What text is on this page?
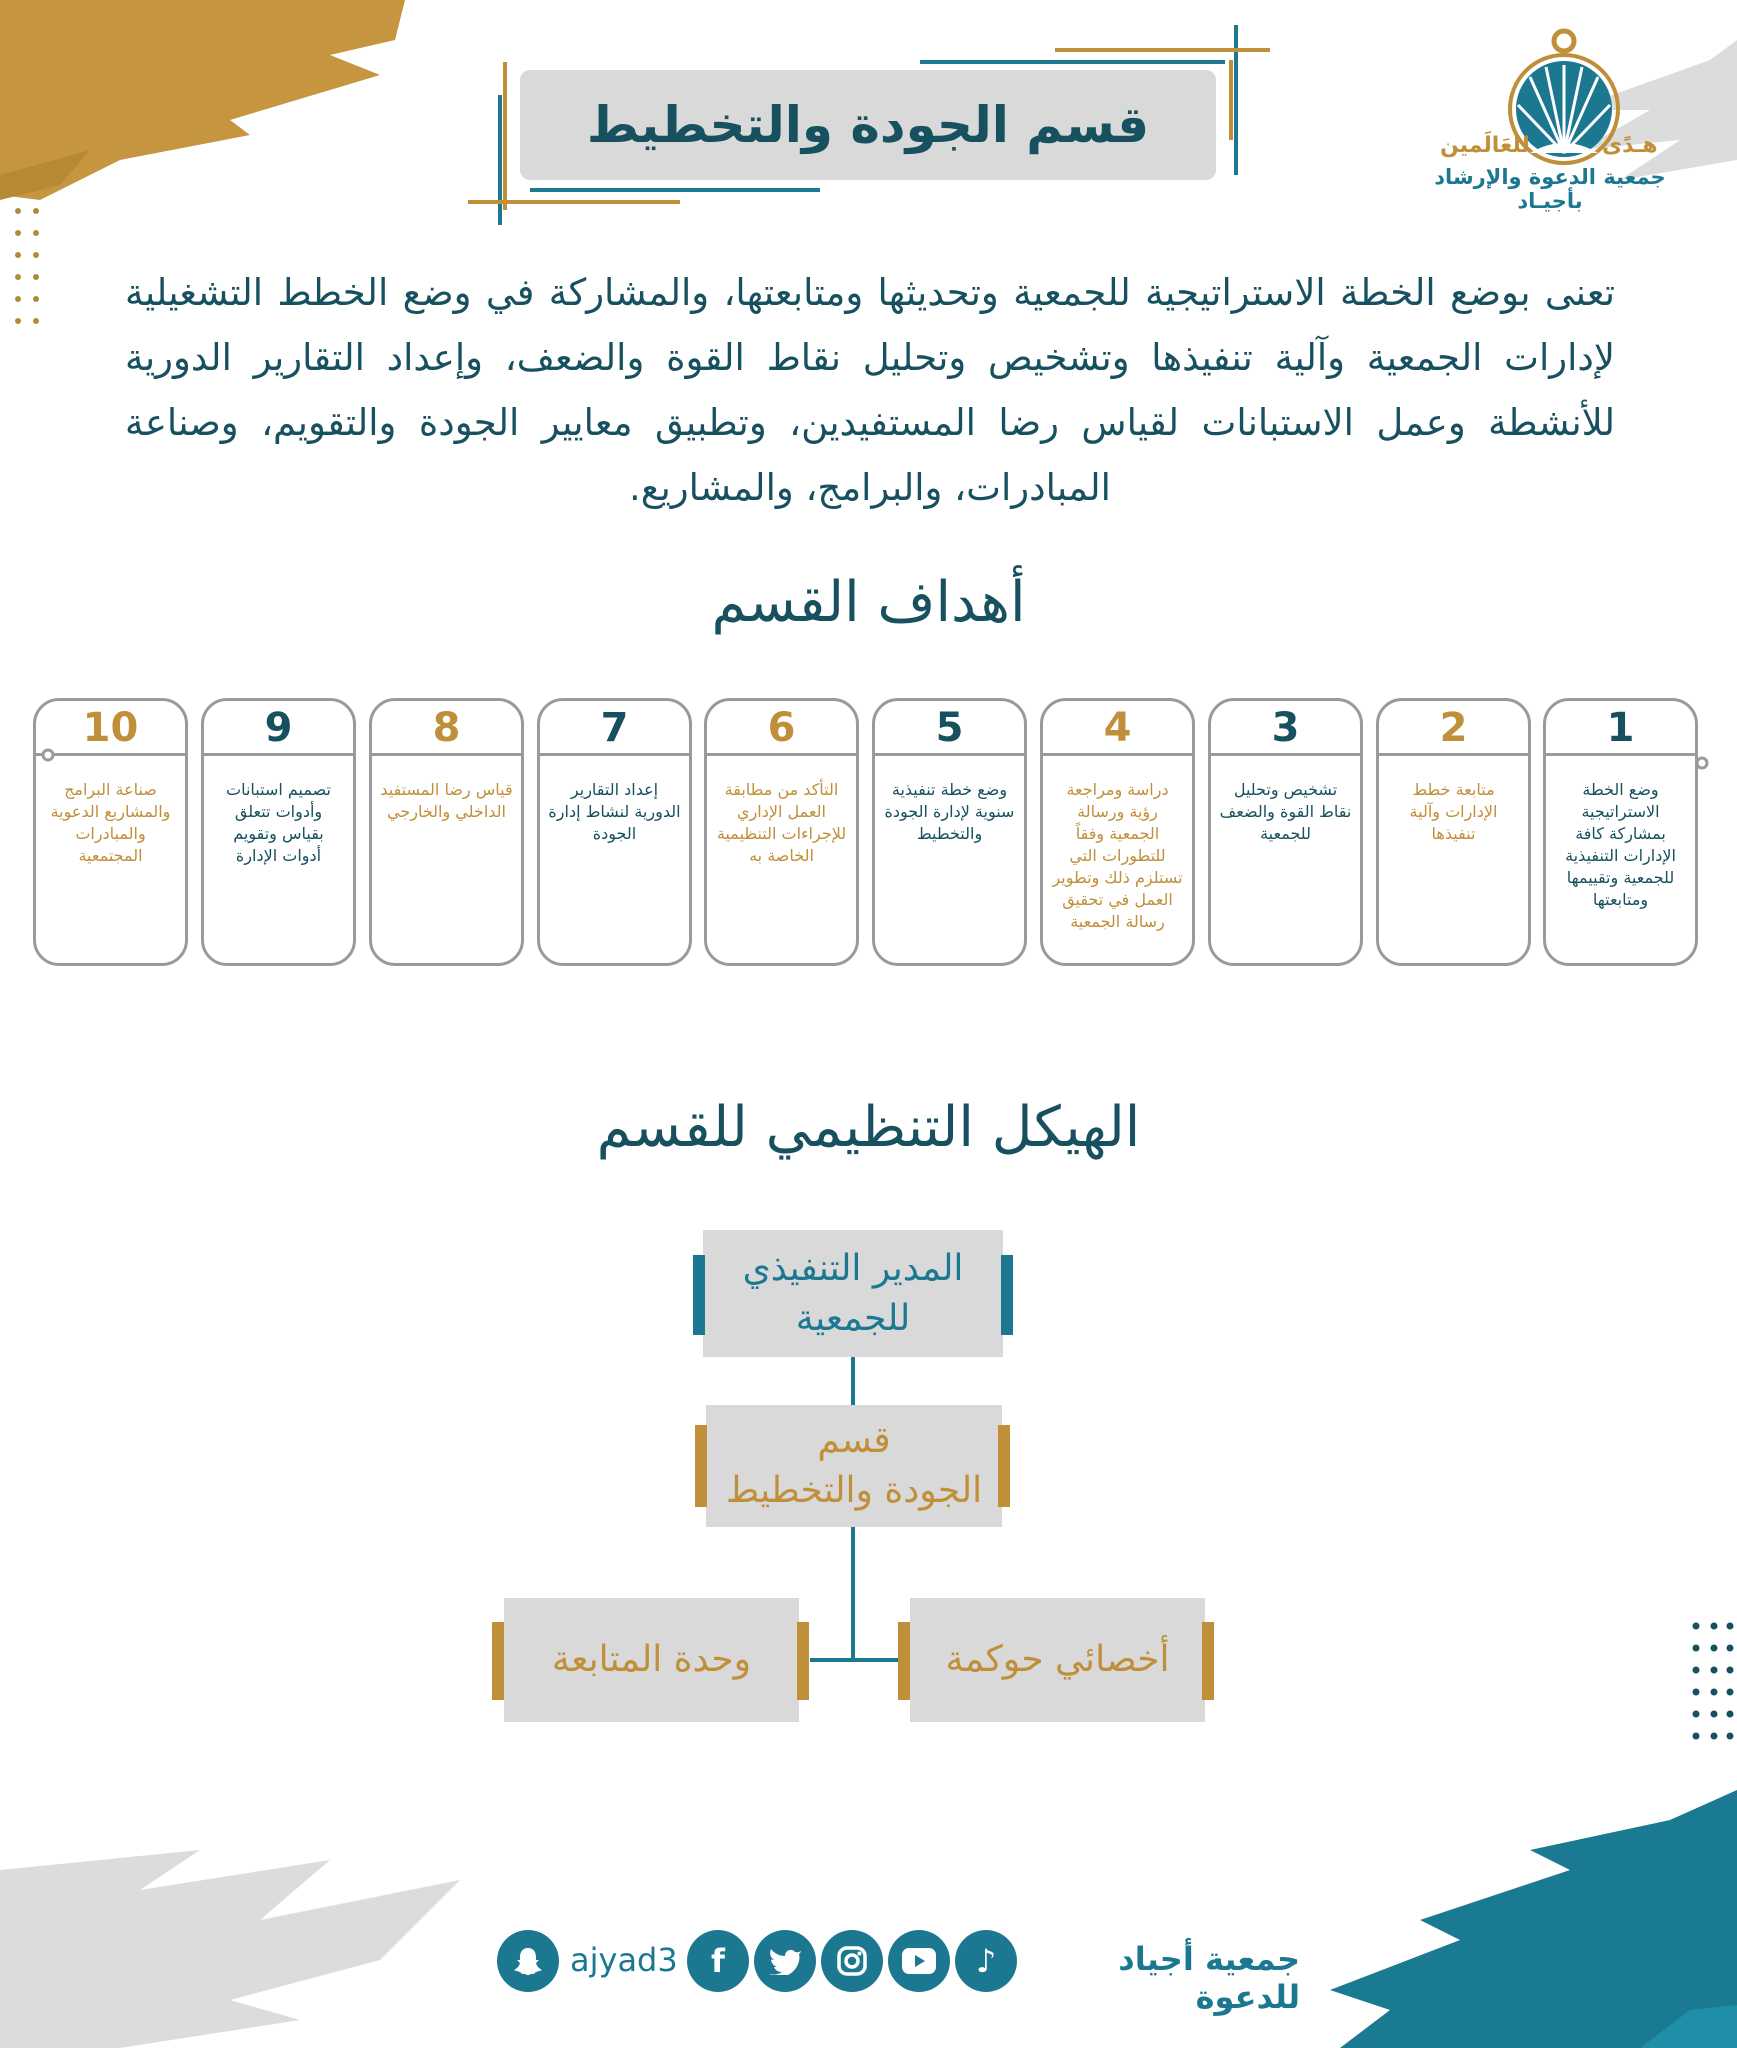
قسم الجودة والتخطيط	هـدًى
للعَالَمين
جمعية الدعوة والإرشاد بأجيـاد
تعنى بوضع الخطة الاستراتيجية للجمعية وتحديثها ومتابعتها، والمشاركة في وضع الخطط التشغيلية لإدارات الجمعية وآلية تنفيذها وتشخيص وتحليل نقاط القوة والضعف، وإعداد التقارير الدورية للأنشطة وعمل الاستبانات لقياس رضا المستفيدين، وتطبيق معايير الجودة والتقويم، وصناعة المبادرات، والبرامج، والمشاريع.
أهداف القسم
1
وضع الخطة الاستراتيجية بمشاركة كافة الإدارات التنفيذية للجمعية وتقييمها ومتابعتها
2
متابعة خطط الإدارات وآلية تنفيذها
3
تشخيص وتحليل نقاط القوة والضعف للجمعية
4
دراسة ومراجعة رؤية ورسالة الجمعية وفقاً للتطورات التي تستلزم ذلك وتطوير العمل في تحقيق رسالة الجمعية
5
وضع خطة تنفيذية سنوية لإدارة الجودة والتخطيط
6
التأكد من مطابقة العمل الإداري للإجراءات التنظيمية الخاصة به
7
إعداد التقارير الدورية لنشاط إدارة الجودة
8
قياس رضا المستفيد الداخلي والخارجي
9
تصميم استبانات وأدوات تتعلق بقياس وتقويم أدوات الإدارة
10
صناعة البرامج والمشاريع الدعوية والمبادرات المجتمعية
الهيكل التنظيمي للقسم
المدير التنفيذي
للجمعية
قسم
الجودة والتخطيط
أخصائي حوكمة
وحدة المتابعة
جمعية أجياد للدعوة
♪
f
ajyad3
